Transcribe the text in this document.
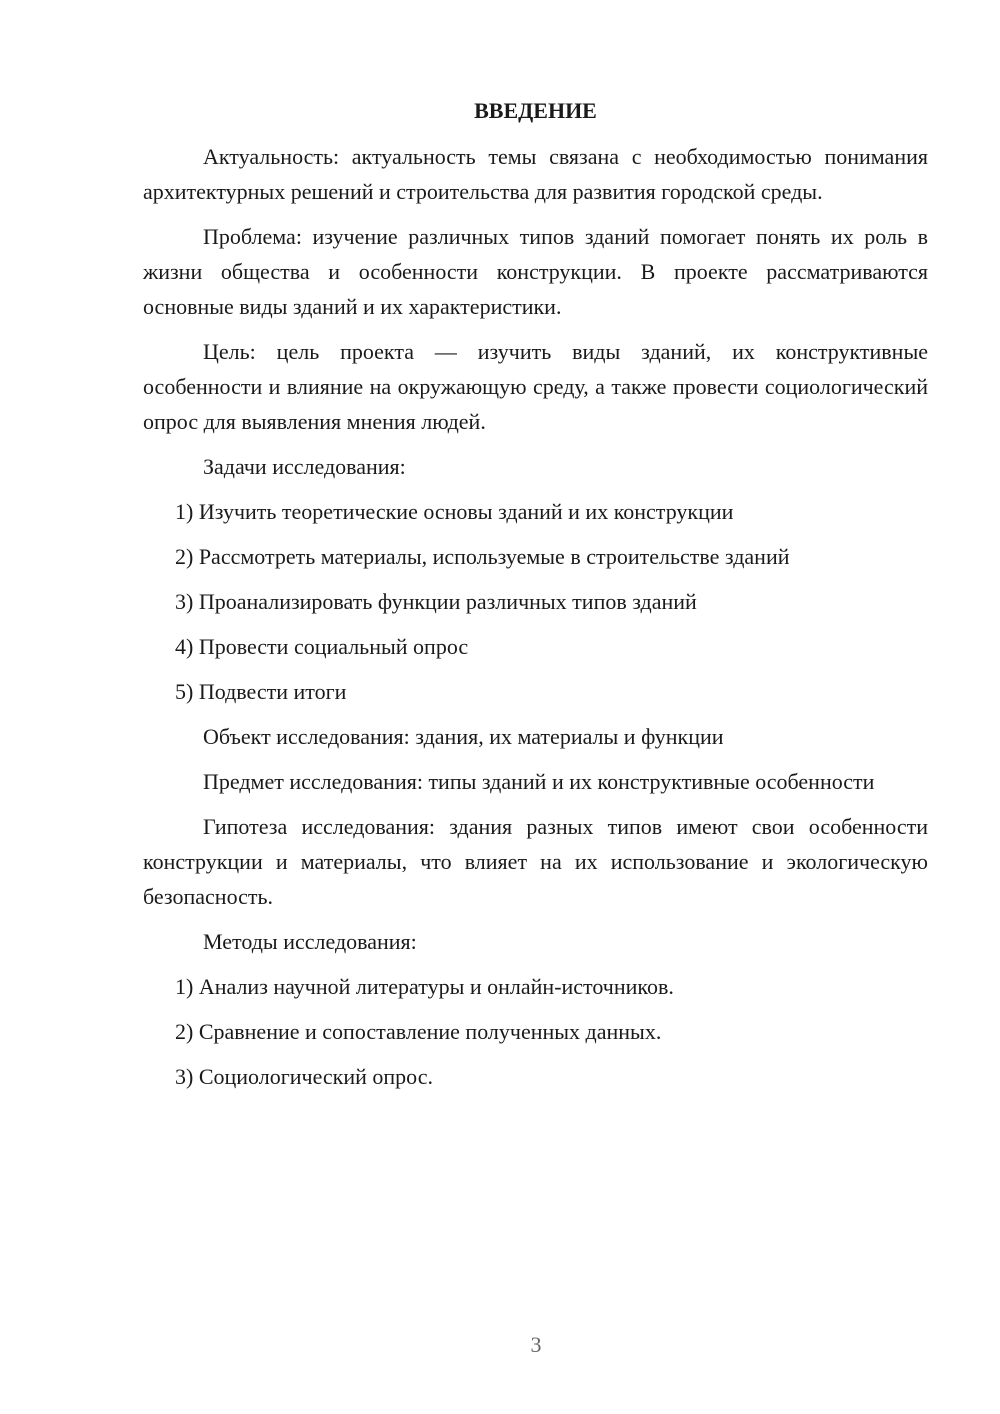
ВВЕДЕНИЕ

Актуальность: актуальность темы связана с необходимостью понимания архитектурных решений и строительства для развития городской среды.

Проблема: изучение различных типов зданий помогает понять их роль в жизни общества и особенности конструкции. В проекте рассматриваются основные виды зданий и их характеристики.

Цель: цель проекта — изучить виды зданий, их конструктивные особенности и влияние на окружающую среду, а также провести социологический опрос для выявления мнения людей.

Задачи исследования:

1) Изучить теоретические основы зданий и их конструкции
2) Рассмотреть материалы, используемые в строительстве зданий
3) Проанализировать функции различных типов зданий
4) Провести социальный опрос
5) Подвести итоги

Объект исследования: здания, их материалы и функции

Предмет исследования: типы зданий и их конструктивные особенности

Гипотеза исследования: здания разных типов имеют свои особенности конструкции и материалы, что влияет на их использование и экологическую безопасность.

Методы исследования:

1) Анализ научной литературы и онлайн-источников.
2) Сравнение и сопоставление полученных данных.
3) Социологический опрос.
3
